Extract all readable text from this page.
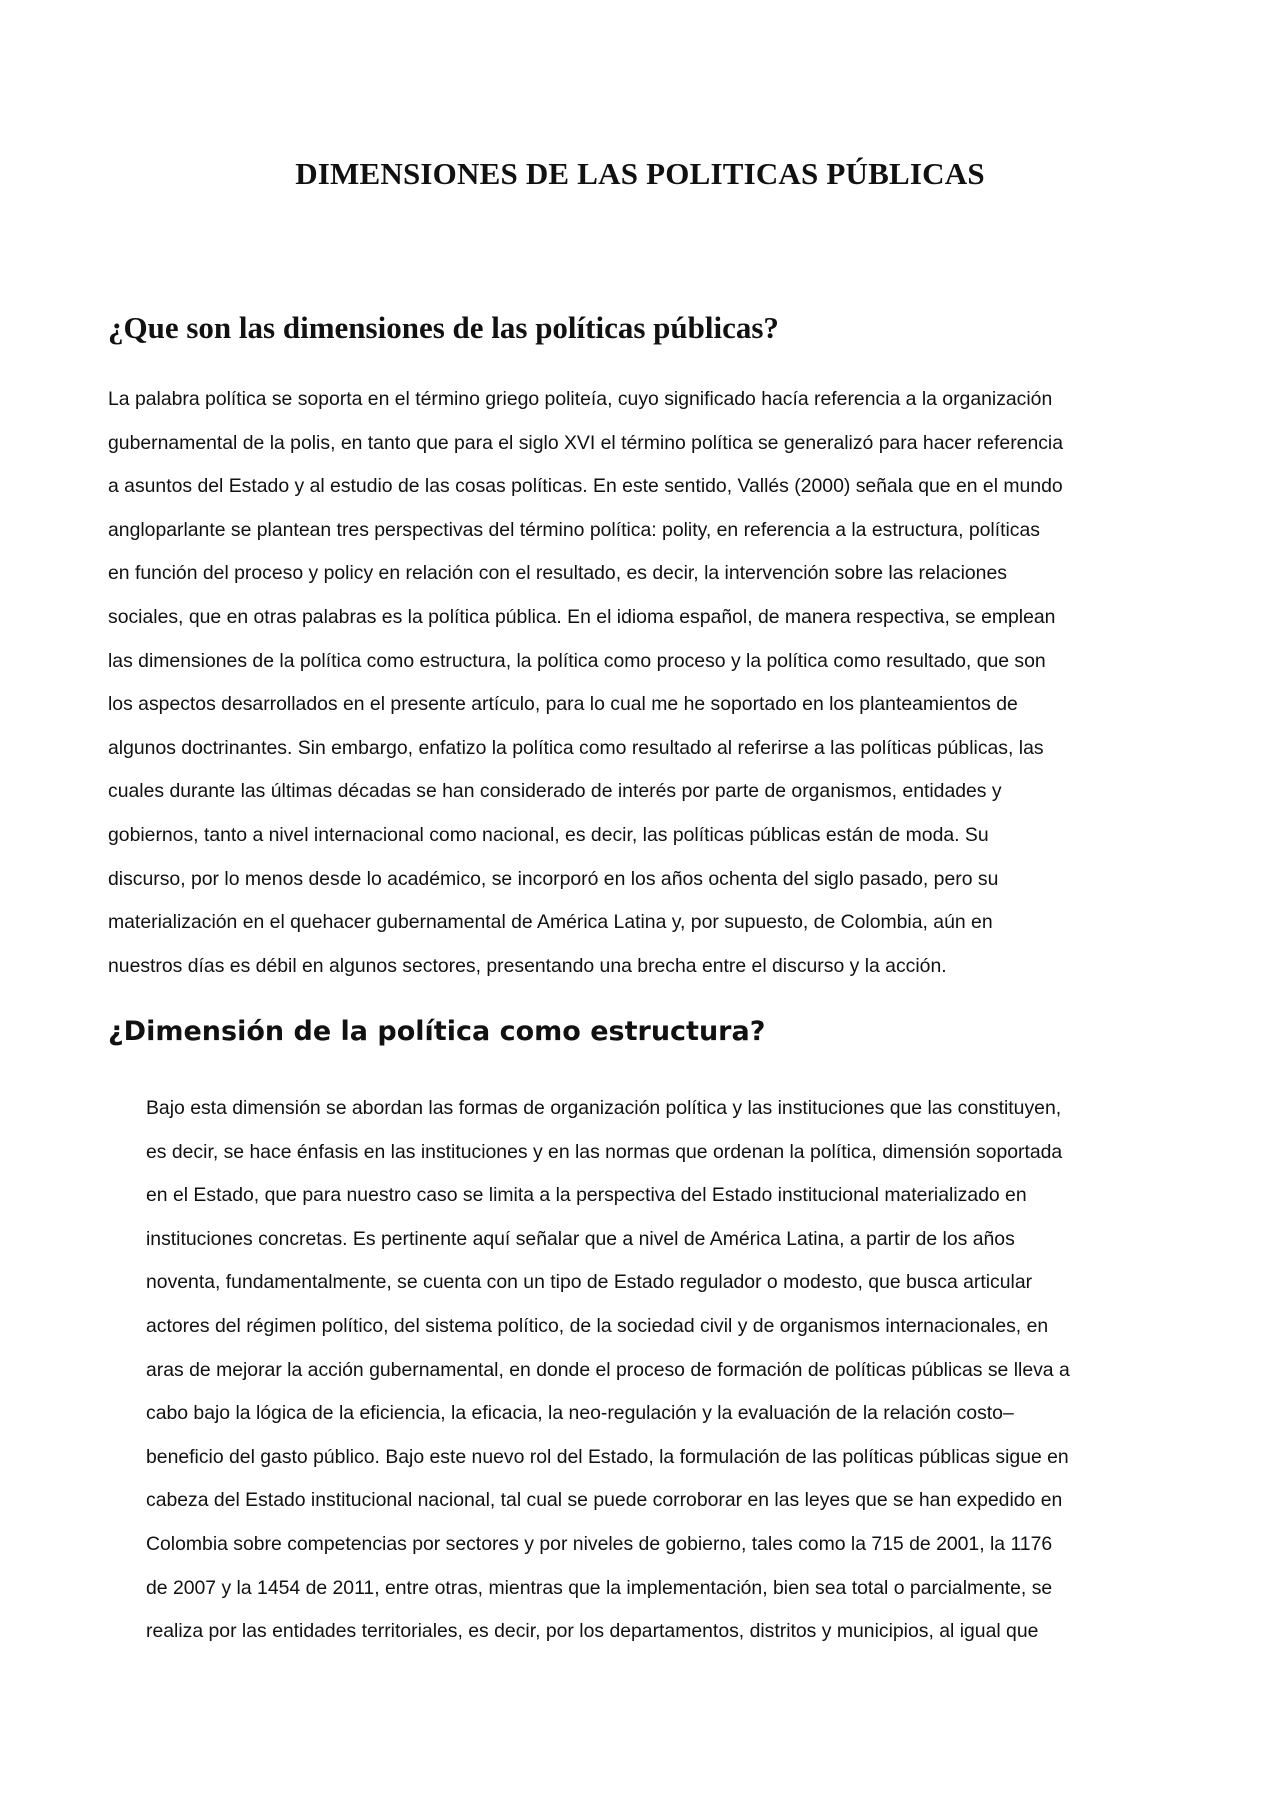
DIMENSIONES DE LAS POLITICAS PÚBLICAS
¿Que son las dimensiones de las políticas públicas?

La palabra política se soporta en el término griego politeía, cuyo significado hacía referencia a la organización
gubernamental de la polis, en tanto que para el siglo XVI el término política se generalizó para hacer referencia
a asuntos del Estado y al estudio de las cosas políticas. En este sentido, Vallés (2000) señala que en el mundo
angloparlante se plantean tres perspectivas del término política: polity, en referencia a la estructura, políticas
en función del proceso y policy en relación con el resultado, es decir, la intervención sobre las relaciones
sociales, que en otras palabras es la política pública. En el idioma español, de manera respectiva, se emplean
las dimensiones de la política como estructura, la política como proceso y la política como resultado, que son
los aspectos desarrollados en el presente artículo, para lo cual me he soportado en los planteamientos de
algunos doctrinantes. Sin embargo, enfatizo la política como resultado al referirse a las políticas públicas, las
cuales durante las últimas décadas se han considerado de interés por parte de organismos, entidades y
gobiernos, tanto a nivel internacional como nacional, es decir, las políticas públicas están de moda. Su
discurso, por lo menos desde lo académico, se incorporó en los años ochenta del siglo pasado, pero su
materialización en el quehacer gubernamental de América Latina y, por supuesto, de Colombia, aún en
nuestros días es débil en algunos sectores, presentando una brecha entre el discurso y la acción.

¿Dimensión de la política como estructura?

Bajo esta dimensión se abordan las formas de organización política y las instituciones que las constituyen,
es decir, se hace énfasis en las instituciones y en las normas que ordenan la política, dimensión soportada
en el Estado, que para nuestro caso se limita a la perspectiva del Estado institucional materializado en
instituciones concretas. Es pertinente aquí señalar que a nivel de América Latina, a partir de los años
noventa, fundamentalmente, se cuenta con un tipo de Estado regulador o modesto, que busca articular
actores del régimen político, del sistema político, de la sociedad civil y de organismos internacionales, en
aras de mejorar la acción gubernamental, en donde el proceso de formación de políticas públicas se lleva a
cabo bajo la lógica de la eficiencia, la eficacia, la neo-regulación y la evaluación de la relación costo–
beneficio del gasto público. Bajo este nuevo rol del Estado, la formulación de las políticas públicas sigue en
cabeza del Estado institucional nacional, tal cual se puede corroborar en las leyes que se han expedido en
Colombia sobre competencias por sectores y por niveles de gobierno, tales como la 715 de 2001, la 1176
de 2007 y la 1454 de 2011, entre otras, mientras que la implementación, bien sea total o parcialmente, se
realiza por las entidades territoriales, es decir, por los departamentos, distritos y municipios, al igual que
